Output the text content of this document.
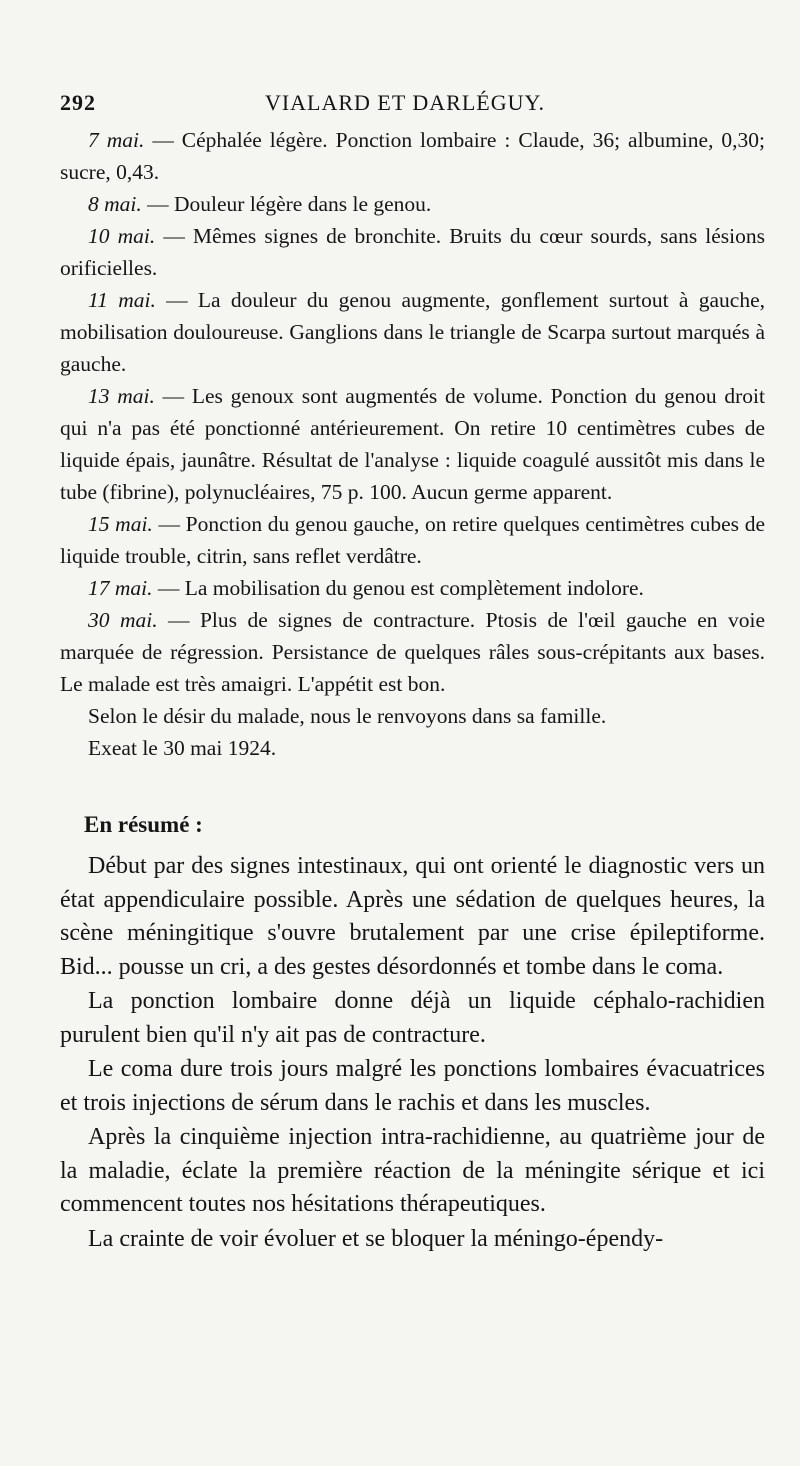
292	VIALARD ET DARLÉGUY.

7 mai. — Céphalée légère. Ponction lombaire : Claude, 36; albumine, 0,30; sucre, 0,43.

8 mai. — Douleur légère dans le genou.

10 mai. — Mêmes signes de bronchite. Bruits du cœur sourds, sans lésions orificielles.

11 mai. — La douleur du genou augmente, gonflement surtout à gauche, mobilisation douloureuse. Ganglions dans le triangle de Scarpa surtout marqués à gauche.

13 mai. — Les genoux sont augmentés de volume. Ponction du genou droit qui n'a pas été ponctionné antérieurement. On retire 10 centimètres cubes de liquide épais, jaunâtre. Résultat de l'analyse : liquide coagulé aussitôt mis dans le tube (fibrine), polynucléaires, 75 p. 100. Aucun germe apparent.

15 mai. — Ponction du genou gauche, on retire quelques centimètres cubes de liquide trouble, citrin, sans reflet verdâtre.

17 mai. — La mobilisation du genou est complètement indolore.

30 mai. — Plus de signes de contracture. Ptosis de l'œil gauche en voie marquée de régression. Persistance de quelques râles sous-crépitants aux bases. Le malade est très amaigri. L'appétit est bon.

Selon le désir du malade, nous le renvoyons dans sa famille.

Exeat le 30 mai 1924.

En résumé :

Début par des signes intestinaux, qui ont orienté le diagnostic vers un état appendiculaire possible. Après une sédation de quelques heures, la scène méningitique s'ouvre brutalement par une crise épileptiforme. Bid... pousse un cri, a des gestes désordonnés et tombe dans le coma.

La ponction lombaire donne déjà un liquide céphalo-rachidien purulent bien qu'il n'y ait pas de contracture.

Le coma dure trois jours malgré les ponctions lombaires évacuatrices et trois injections de sérum dans le rachis et dans les muscles.

Après la cinquième injection intra-rachidienne, au quatrième jour de la maladie, éclate la première réaction de la méningite sérique et ici commencent toutes nos hésitations thérapeutiques.

La crainte de voir évoluer et se bloquer la méningo-épendy-
